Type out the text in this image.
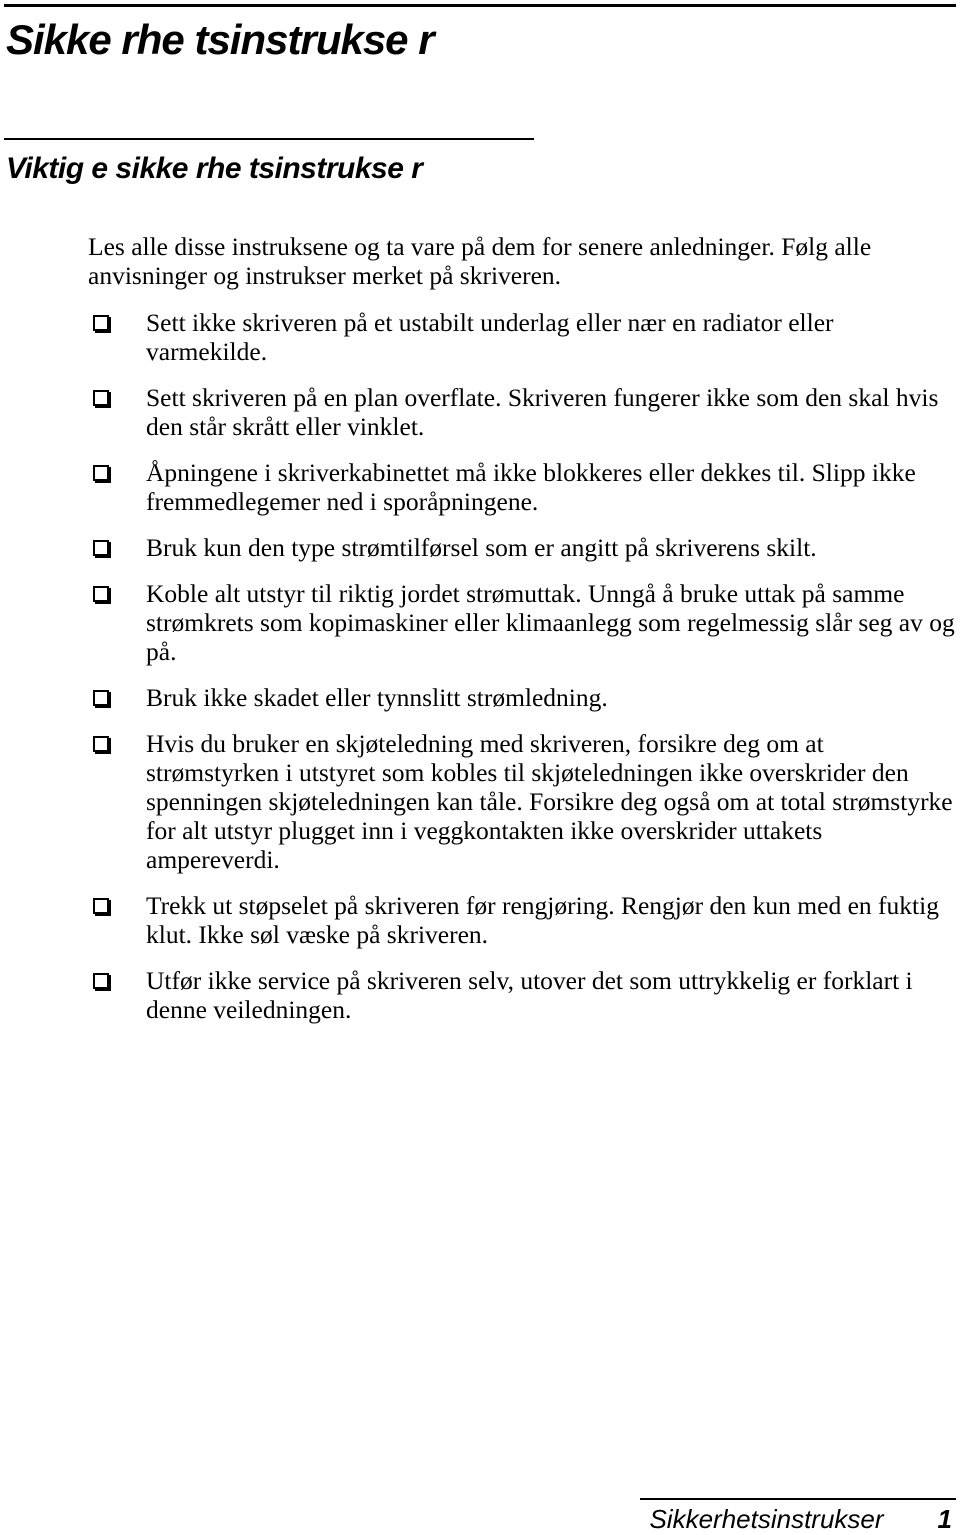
Sikke rhe tsinstrukse r
Viktig e sikke rhe tsinstrukse r

Les alle disse instruksene og ta vare på dem for senere anledninger. Følg alle anvisninger og instrukser merket på skriveren.

Sett ikke skriveren på et ustabilt underlag eller nær en radiator eller varmekilde.
Sett skriveren på en plan overflate. Skriveren fungerer ikke som den skal hvis den står skrått eller vinklet.
Åpningene i skriverkabinettet må ikke blokkeres eller dekkes til. Slipp ikke fremmedlegemer ned i sporåpningene.
Bruk kun den type strømtilførsel som er angitt på skriverens skilt.
Koble alt utstyr til riktig jordet strømuttak. Unngå å bruke uttak på samme strømkrets som kopimaskiner eller klimaanlegg som regelmessig slår seg av og på.
Bruk ikke skadet eller tynnslitt strømledning.
Hvis du bruker en skjøteledning med skriveren, forsikre deg om at strømstyrken i utstyret som kobles til skjøteledningen ikke overskrider den spenningen skjøteledningen kan tåle. Forsikre deg også om at total strømstyrke for alt utstyr plugget inn i veggkontakten ikke overskrider uttakets ampereverdi.
Trekk ut støpselet på skriveren før rengjøring. Rengjør den kun med en fuktig klut. Ikke søl væske på skriveren.
Utfør ikke service på skriveren selv, utover det som uttrykkelig er forklart i denne veiledningen.

Sikkerhetsinstrukser 1
